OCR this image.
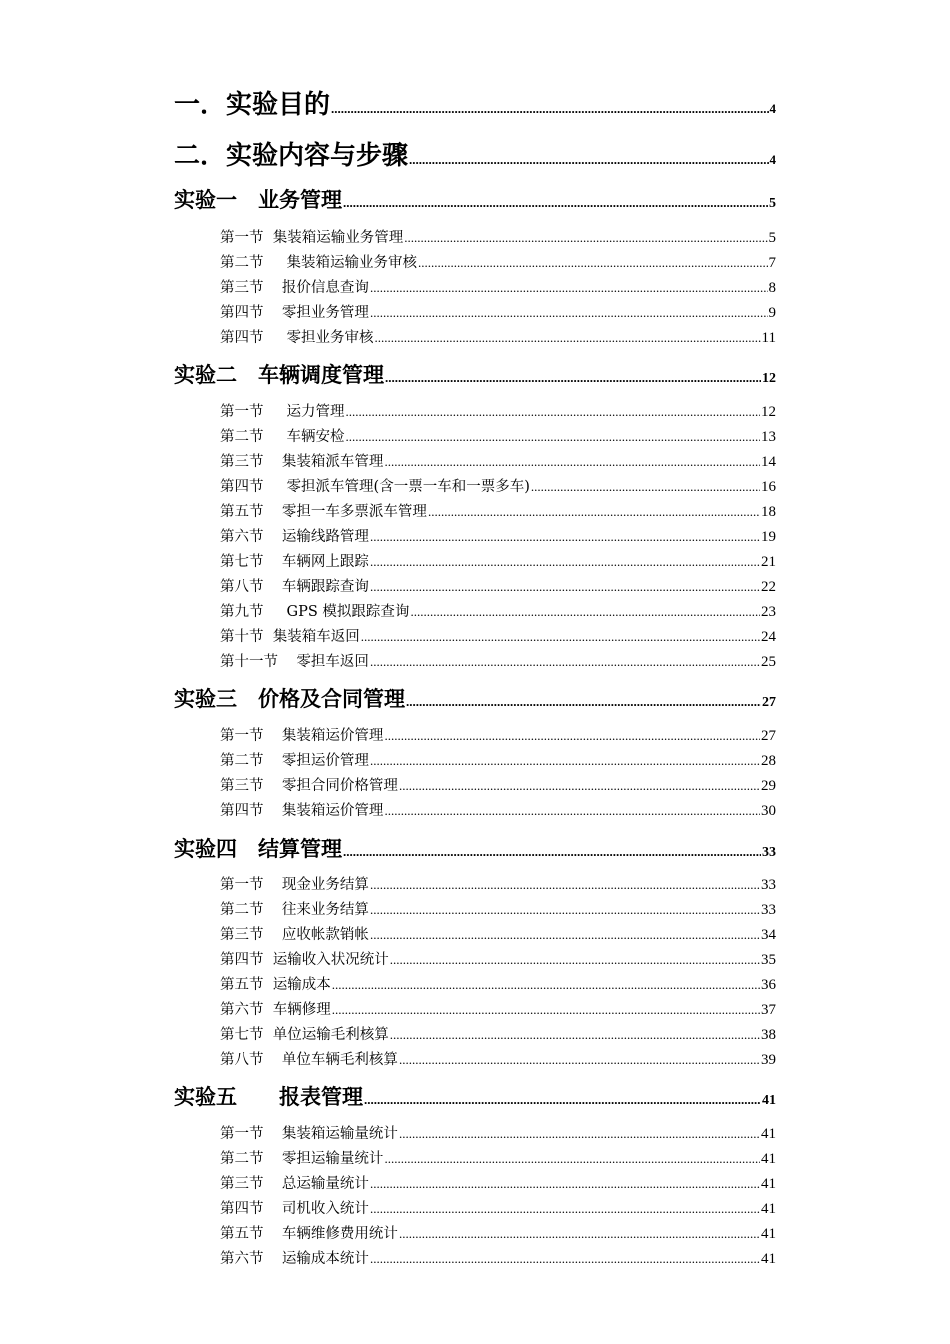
一．实验目的 .....	4
二．实验内容与步骤 .....	4
实验一　业务管理 .....	5
第一节  集装箱运输业务管理 .....	5
第二节     集装箱运输业务审核 .....	7
第三节    报价信息查询 .....	8
第四节    零担业务管理 .....	9
第四节     零担业务审核 .....	11
实验二　车辆调度管理 .....	12
第一节     运力管理 .....	12
第二节     车辆安检 .....	13
第三节    集装箱派车管理 .....	14
第四节     零担派车管理(含一票一车和一票多车) .....	16
第五节    零担一车多票派车管理 .....	18
第六节    运输线路管理 .....	19
第七节    车辆网上跟踪 .....	21
第八节    车辆跟踪查询 .....	22
第九节     GPS 模拟跟踪查询 .....	23
第十节  集装箱车返回 .....	24
第十一节    零担车返回 .....	25
实验三　价格及合同管理 .....	27
第一节    集装箱运价管理 .....	27
第二节    零担运价管理 .....	28
第三节    零担合同价格管理 .....	29
第四节    集装箱运价管理 .....	30
实验四　结算管理 .....	33
第一节    现金业务结算 .....	33
第二节    往来业务结算 .....	33
第三节    应收帐款销帐 .....	34
第四节  运输收入状况统计 .....	35
第五节  运输成本 .....	36
第六节  车辆修理 .....	37
第七节  单位运输毛利核算 .....	38
第八节    单位车辆毛利核算 .....	39
实验五　　报表管理 .....	41
第一节    集装箱运输量统计 .....	41
第二节    零担运输量统计 .....	41
第三节    总运输量统计 .....	41
第四节    司机收入统计 .....	41
第五节    车辆维修费用统计 .....	41
第六节    运输成本统计 .....	41
